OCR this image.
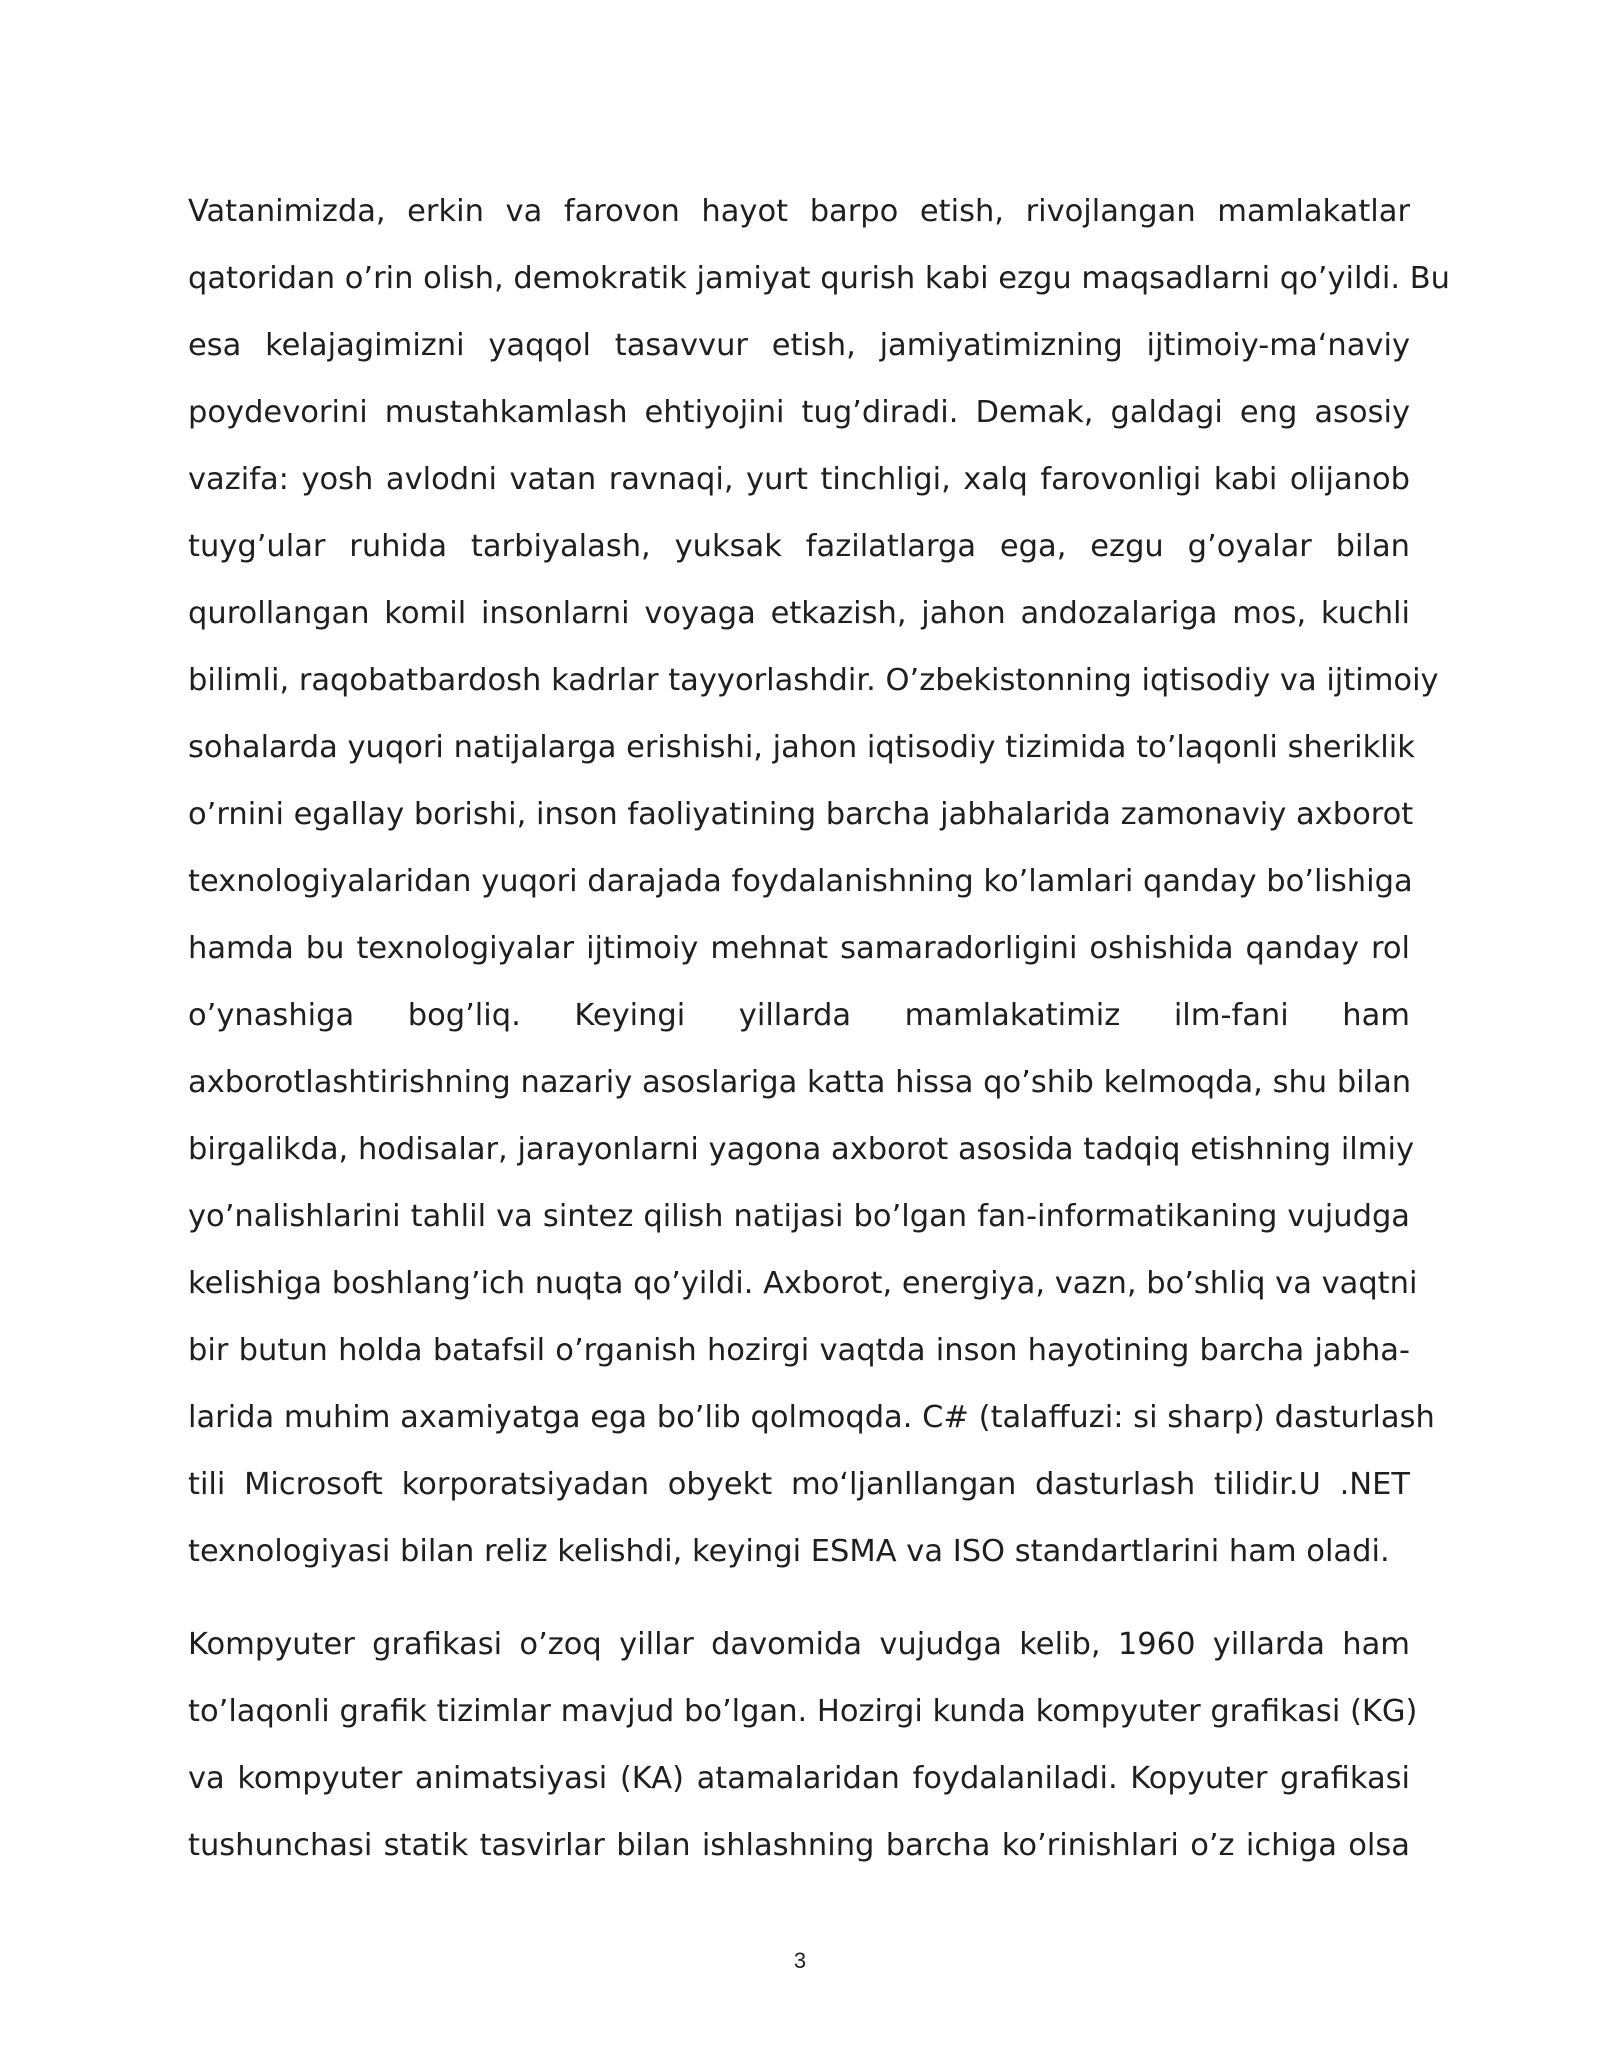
Vatanimizda, erkin va farovon hayot barpo etish, rivojlangan mamlakatlar
qatoridan o’rin olish, demokratik jamiyat qurish kabi ezgu maqsadlarni qo’yildi. Bu
esa kelajagimizni yaqqol tasavvur etish, jamiyatimizning ijtimoiy-ma‘naviy
poydevorini mustahkamlash ehtiyojini tug’diradi. Demak, galdagi eng asosiy
vazifa: yosh avlodni vatan ravnaqi, yurt tinchligi, xalq farovonligi kabi olijanob
tuyg’ular ruhida tarbiyalash, yuksak fazilatlarga ega, ezgu g’oyalar bilan
qurollangan komil insonlarni voyaga etkazish, jahon andozalariga mos, kuchli
bilimli, raqobatbardosh kadrlar tayyorlashdir. O’zbekistonning iqtisodiy va ijtimoiy
sohalarda yuqori natijalarga erishishi, jahon iqtisodiy tizimida to’laqonli sheriklik
o’rnini egallay borishi, inson faoliyatining barcha jabhalarida zamonaviy axborot
texnologiyalaridan yuqori darajada foydalanishning ko’lamlari qanday bo’lishiga
hamda bu texnologiyalar ijtimoiy mehnat samaradorligini oshishida qanday rol
o’ynashiga bog’liq. Keyingi yillarda mamlakatimiz ilm-fani ham
axborotlashtirishning nazariy asoslariga katta hissa qo’shib kelmoqda, shu bilan
birgalikda, hodisalar, jarayonlarni yagona axborot asosida tadqiq etishning ilmiy
yo’nalishlarini tahlil va sintez qilish natijasi bo’lgan fan-informatikaning vujudga
kelishiga boshlang’ich nuqta qo’yildi. Axborot, energiya, vazn, bo’shliq va vaqtni
bir butun holda batafsil o’rganish hozirgi vaqtda inson hayotining barcha jabha-
larida muhim axamiyatga ega bo’lib qolmoqda. C# (talaffuzi: si sharp) dasturlash
tili Microsoft korporatsiyadan obyekt mo‘ljanllangan dasturlash tilidir.U .NET
texnologiyasi bilan reliz kelishdi, keyingi ESMA va ISO standartlarini ham oladi.
Kompyuter grafikasi o’zoq yillar davomida vujudga kelib, 1960 yillarda ham
to’laqonli grafik tizimlar mavjud bo’lgan. Hozirgi kunda kompyuter grafikasi (KG)
va kompyuter animatsiyasi (KA) atamalaridan foydalaniladi. Kopyuter grafikasi
tushunchasi statik tasvirlar bilan ishlashning barcha ko’rinishlari o’z ichiga olsa
3
